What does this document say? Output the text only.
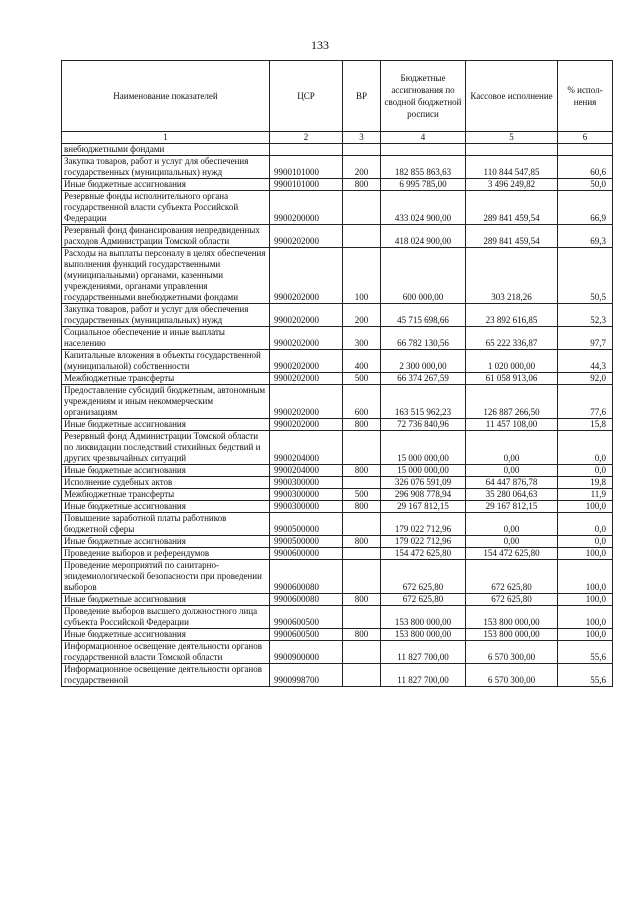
133
Наименование показателей	ЦСР	ВР	Бюджетные ассигнования по сводной бюджетной росписи	Кассовое исполнение	% испол-нения
1	2	3	4	5	6
внебюджетными фондами					
Закупка товаров, работ и услуг для обеспечения государственных (муниципальных) нужд	9900101000	200	182 855 863,63	110 844 547,85	60,6
Иные бюджетные ассигнования	9900101000	800	6 995 785,00	3 496 249,82	50,0
Резервные фонды исполнительного органа государственной власти субъекта Российской Федерации	9900200000		433 024 900,00	289 841 459,54	66,9
Резервный фонд финансирования непредвиденных расходов Администрации Томской области	9900202000		418 024 900,00	289 841 459,54	69,3
Расходы на выплаты персоналу в целях обеспечения выполнения функций государственными (муниципальными) органами, казенными учреждениями, органами управления государственными внебюджетными фондами	9900202000	100	600 000,00	303 218,26	50,5
Закупка товаров, работ и услуг для обеспечения государственных (муниципальных) нужд	9900202000	200	45 715 698,66	23 892 616,85	52,3
Социальное обеспечение и иные выплаты населению	9900202000	300	66 782 130,56	65 222 336,87	97,7
Капитальные вложения в объекты государственной (муниципальной) собственности	9900202000	400	2 300 000,00	1 020 000,00	44,3
Межбюджетные трансферты	9900202000	500	66 374 267,59	61 058 913,06	92,0
Предоставление субсидий бюджетным, автономным учреждениям и иным некоммерческим организациям	9900202000	600	163 515 962,23	126 887 266,50	77,6
Иные бюджетные ассигнования	9900202000	800	72 736 840,96	11 457 108,00	15,8
Резервный фонд Администрации Томской области по ликвидации последствий стихийных бедствий и других чрезвычайных ситуаций	9900204000		15 000 000,00	0,00	0,0
Иные бюджетные ассигнования	9900204000	800	15 000 000,00	0,00	0,0
Исполнение судебных актов	9900300000		326 076 591,09	64 447 876,78	19,8
Межбюджетные трансферты	9900300000	500	296 908 778,94	35 280 064,63	11,9
Иные бюджетные ассигнования	9900300000	800	29 167 812,15	29 167 812,15	100,0
Повышение заработной платы работников бюджетной сферы	9900500000		179 022 712,96	0,00	0,0
Иные бюджетные ассигнования	9900500000	800	179 022 712,96	0,00	0,0
Проведение выборов и референдумов	9900600000		154 472 625,80	154 472 625,80	100,0
Проведение мероприятий по санитарно-эпидемиологической безопасности при проведении выборов	9900600080		672 625,80	672 625,80	100,0
Иные бюджетные ассигнования	9900600080	800	672 625,80	672 625,80	100,0
Проведение выборов высшего должностного лица субъекта Российской Федерации	9900600500		153 800 000,00	153 800 000,00	100,0
Иные бюджетные ассигнования	9900600500	800	153 800 000,00	153 800 000,00	100,0
Информационное освещение деятельности органов государственной власти Томской области	9900900000		11 827 700,00	6 570 300,00	55,6
Информационное освещение деятельности органов государственной	9900998700		11 827 700,00	6 570 300,00	55,6
